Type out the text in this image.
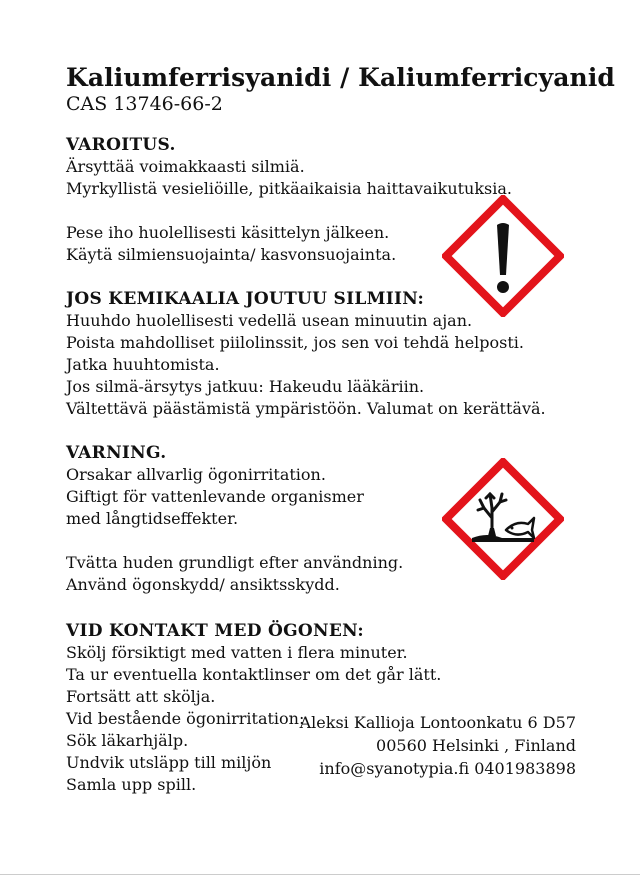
Kaliumferrisyanidi / Kaliumferricyanid
CAS 13746-66-2
VAROITUS.
Ärsyttää voimakkaasti silmiä.
Myrkyllistä vesieliöille, pitkäaikaisia haittavaikutuksia.
Pese iho huolellisesti käsittelyn jälkeen.
Käytä silmiensuojainta/ kasvonsuojainta.
JOS KEMIKAALIA JOUTUU SILMIIN:
Huuhdo huolellisesti vedellä usean minuutin ajan.
Poista mahdolliset piilolinssit, jos sen voi tehdä helposti.
Jatka huuhtomista.
Jos silmä-ärsytys jatkuu: Hakeudu lääkäriin.
Vältettävä päästämistä ympäristöön. Valumat on kerättävä.
VARNING.
Orsakar allvarlig ögonirritation.
Giftigt för vattenlevande organismer
med långtidseffekter.
Tvätta huden grundligt efter användning.
Använd ögonskydd/ ansiktsskydd.
VID KONTAKT MED ÖGONEN:
Skölj försiktigt med vatten i flera minuter.
Ta ur eventuella kontaktlinser om det går lätt.
Fortsätt att skölja.
Vid bestående ögonirritation:
Sök läkarhjälp.
Undvik utsläpp till miljön
Samla upp spill.
Aleksi Kallioja Lontoonkatu 6 D57
00560 Helsinki , Finland
info@syanotypia.fi 0401983898
